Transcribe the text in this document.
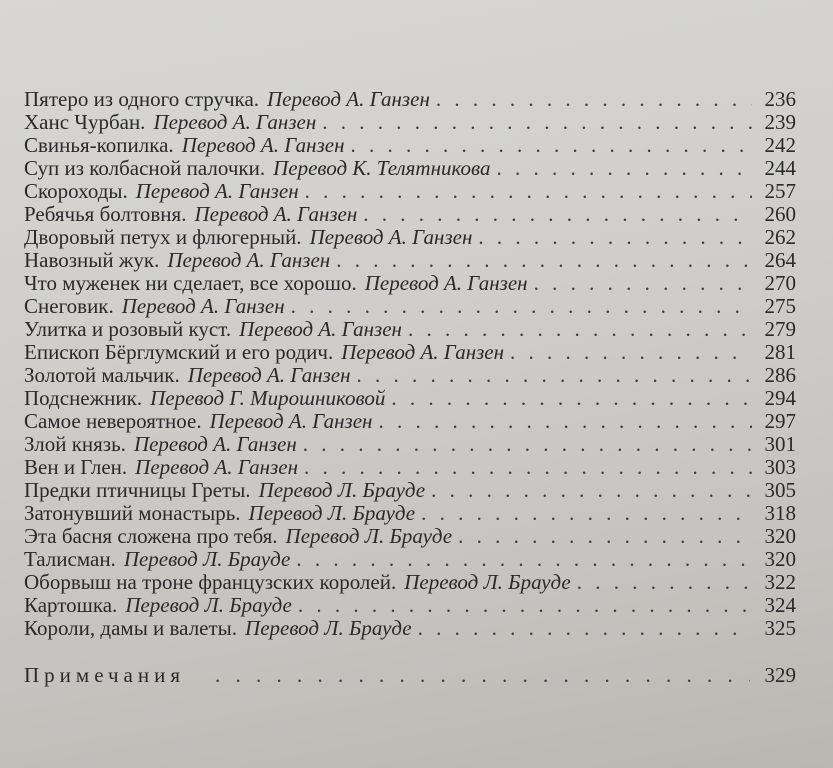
Пятеро из одного стручка. Перевод А. Ганзен . . .	236
Ханс Чурбан. Перевод А. Ганзен . . .	239
Свинья-копилка. Перевод А. Ганзен . . .	242
Суп из колбасной палочки. Перевод К. Телятникова . . .	244
Скороходы. Перевод А. Ганзен . . .	257
Ребячья болтовня. Перевод А. Ганзен . . .	260
Дворовый петух и флюгерный. Перевод А. Ганзен . . .	262
Навозный жук. Перевод А. Ганзен . . .	264
Что муженек ни сделает, все хорошо. Перевод А. Ганзен . . .	270
Снеговик. Перевод А. Ганзен . . .	275
Улитка и розовый куст. Перевод А. Ганзен . . .	279
Епископ Бёрглумский и его родич. Перевод А. Ганзен . . .	281
Золотой мальчик. Перевод А. Ганзен . . .	286
Подснежник. Перевод Г. Мирошниковой . . .	294
Самое невероятное. Перевод А. Ганзен . . .	297
Злой князь. Перевод А. Ганзен . . .	301
Вен и Глен. Перевод А. Ганзен . . .	303
Предки птичницы Греты. Перевод Л. Брауде . . .	305
Затонувший монастырь. Перевод Л. Брауде . . .	318
Эта басня сложена про тебя. Перевод Л. Брауде . . .	320
Талисман. Перевод Л. Брауде . . .	320
Оборвыш на троне французских королей. Перевод Л. Брауде . . .	322
Картошка. Перевод Л. Брауде . . .	324
Короли, дамы и валеты. Перевод Л. Брауде . . .	325
Примечания . . .	329
